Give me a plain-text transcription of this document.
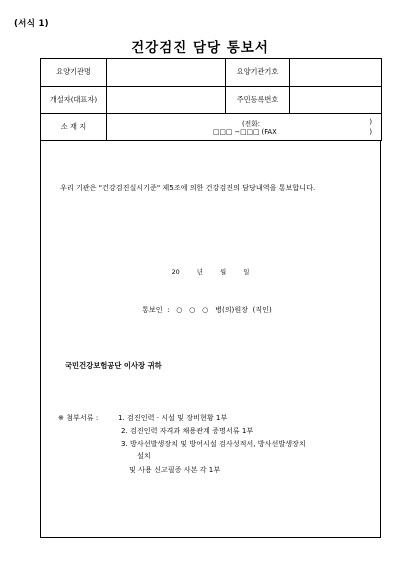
(서식 1)
건강검진 담당 통보서
요양기관명		요양기관기호	
개설자(대표자)		주민등록번호	
소 재 지	(전화: )
□□□ −□□□ (FAX )		
우리 기관은 "건강검진실시기준" 제5조에 의한 건강검진의 담당내역을 통보합니다.
20	년	월	일
통보인  :   ○   ○   ○   병(의)원장  (직인)
국민건강보험공단 이사장 귀하
※ 첨부서류 :	1. 검진인력 · 시설 및 장비현황 1부
2. 검진인력 자격과 채용관계 증명서류 1부
3. 방사선발생장치 및 방어시설 검사성적서, 방사선발생장치
설치
및 사용 신고필증 사본 각 1부
